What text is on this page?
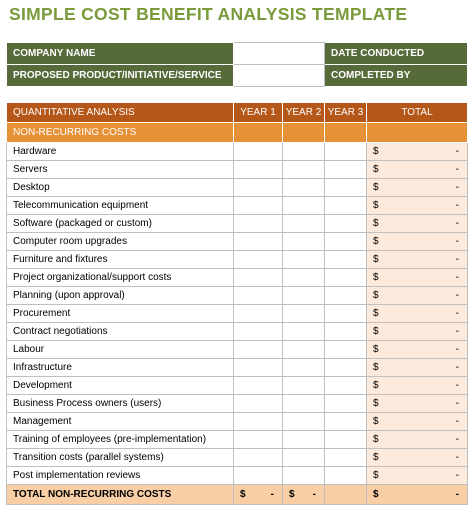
SIMPLE COST BENEFIT ANALYSIS TEMPLATE
COMPANY NAME		DATE CONDUCTED
PROPOSED PRODUCT/INITIATIVE/SERVICE		COMPLETED BY
QUANTITATIVE ANALYSIS	YEAR 1	YEAR 2	YEAR 3	TOTAL
NON-RECURRING COSTS				
Hardware				$ -

Servers				$ -

Desktop				$ -

Telecommunication equipment				$ -

Software (packaged or custom)				$ -

Computer room upgrades				$ -

Furniture and fixtures				$ -

Project organizational/support costs				$ -

Planning (upon approval)				$ -

Procurement				$ -

Contract negotiations				$ -

Labour				$ -

Infrastructure				$ -

Development				$ -

Business Process owners (users)				$ -

Management				$ -

Training of employees (pre-implementation)				$ -

Transition costs (parallel systems)				$ -

Post implementation reviews				$ -

TOTAL NON-RECURRING COSTS	$ -	$ -		$ -
